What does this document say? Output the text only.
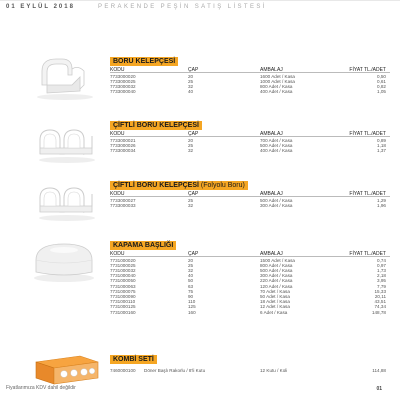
01 EYLÜL 2018	PERAKENDE PEŞİN SATIŞ LİSTESİ
BORU KELEPÇESİ
KODU	ÇAP	AMBALAJ	FİYAT TL./ADET
7733000020	20	1600 Adet / Kasa	0,50
7733000025	25	1000 Adet / Kasa	0,61
7733000032	32	800 Adet / Kasa	0,82
7733000040	40	400 Adet / Kasa	1,05
ÇİFTLİ BORU KELEPÇESİ
KODU	ÇAP	AMBALAJ	FİYAT TL./ADET
7733000021	20	700 Adet / Kasa	0,89
7733000026	25	500 Adet / Kasa	1,18
7733000034	32	400 Adet / Kasa	1,37
ÇİFTLİ BORU KELEPÇESİ (Folyolu Boru)
KODU	ÇAP	AMBALAJ	FİYAT TL./ADET
7733000027	25	500 Adet / Kasa	1,29
7733000033	32	300 Adet / Kasa	1,96
KAPAMA BAŞLIĞI
KODU	ÇAP	AMBALAJ	FİYAT TL./ADET
7731000020	20	1500 Adet / Kasa	0,74
7731000025	25	800 Adet / Kasa	0,97
7731000032	32	500 Adet / Kasa	1,73
7731000040	40	300 Adet / Kasa	2,18
7731000050	50	220 Adet / Kasa	3,95
7731000063	63	120 Adet / Kasa	7,79
7731000075	75	70 Adet / Kasa	15,33
7731000090	90	50 Adet / Kasa	20,11
7731000110	110	18 Adet / Kasa	43,51
7731000125	125	12 Adet / Kasa	74,34
7731000160	160	6 Adet / Kasa	148,78
KOMBİ SETİ
7460000100 Döner Başlı Rakorlu / 8'li Kutu	12 Kutu / Koli	114,88
Fiyatlarımıza KDV dahil değildir	01
